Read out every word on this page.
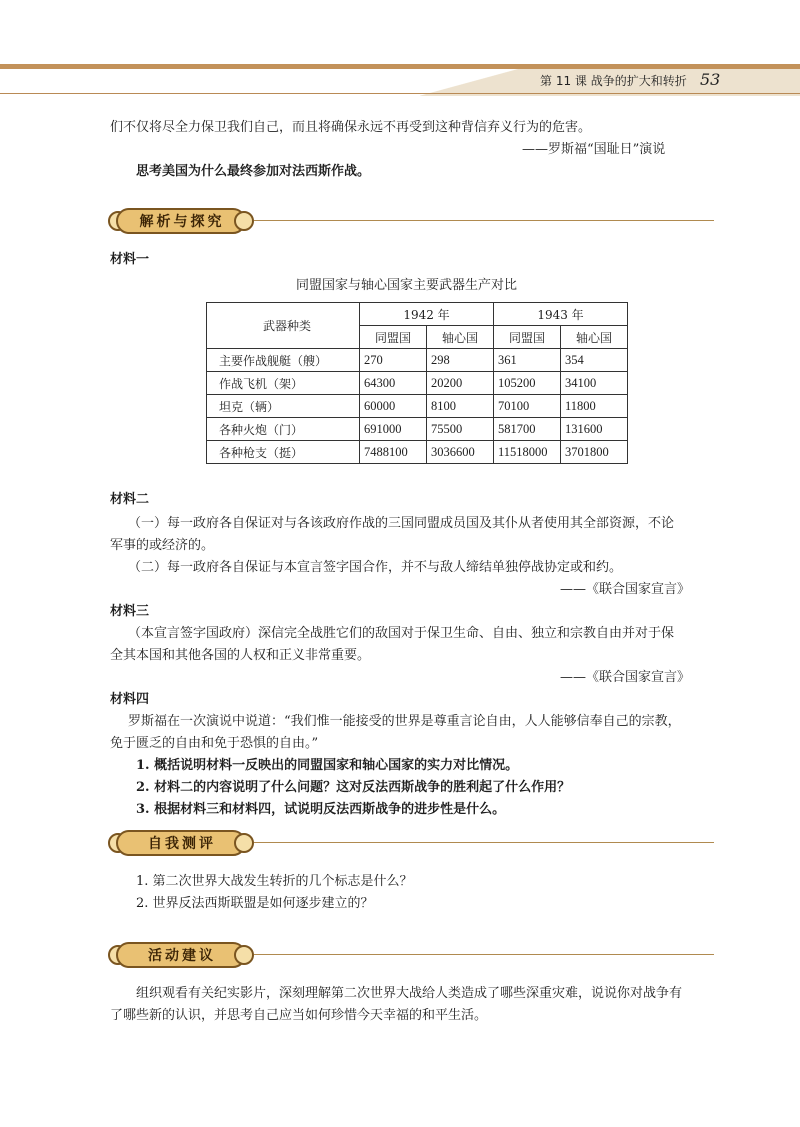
第 11 课 战争的扩大和转折 53
们不仅将尽全力保卫我们自己，而且将确保永远不再受到这种背信弃义行为的危害。
——罗斯福“国耻日”演说
思考美国为什么最终参加对法西斯作战。
解析与探究
材料一
同盟国家与轴心国家主要武器生产对比
武器种类	1942 年		1943 年	
	同盟国	轴心国	同盟国	轴心国
主要作战舰艇（艘）	270	298	361	354
作战飞机（架）	64300	20200	105200	34100
坦克（辆）	60000	8100	70100	11800
各种火炮（门）	691000	75500	581700	131600
各种枪支（挺）	7488100	3036600	11518000	3701800
材料二
（一）每一政府各自保证对与各该政府作战的三国同盟成员国及其仆从者使用其全部资源，不论
军事的或经济的。
（二）每一政府各自保证与本宣言签字国合作，并不与敌人缔结单独停战协定或和约。
——《联合国家宣言》
材料三
（本宣言签字国政府）深信完全战胜它们的敌国对于保卫生命、自由、独立和宗教自由并对于保
全其本国和其他各国的人权和正义非常重要。
——《联合国家宣言》
材料四
罗斯福在一次演说中说道：“我们惟一能接受的世界是尊重言论自由，人人能够信奉自己的宗教，
免于匮乏的自由和免于恐惧的自由。”
1. 概括说明材料一反映出的同盟国家和轴心国家的实力对比情况。
2. 材料二的内容说明了什么问题？这对反法西斯战争的胜利起了什么作用？
3. 根据材料三和材料四，试说明反法西斯战争的进步性是什么。
自我测评
1. 第二次世界大战发生转折的几个标志是什么？
2. 世界反法西斯联盟是如何逐步建立的？
活动建议
组织观看有关纪实影片，深刻理解第二次世界大战给人类造成了哪些深重灾难，说说你对战争有
了哪些新的认识，并思考自己应当如何珍惜今天幸福的和平生活。
